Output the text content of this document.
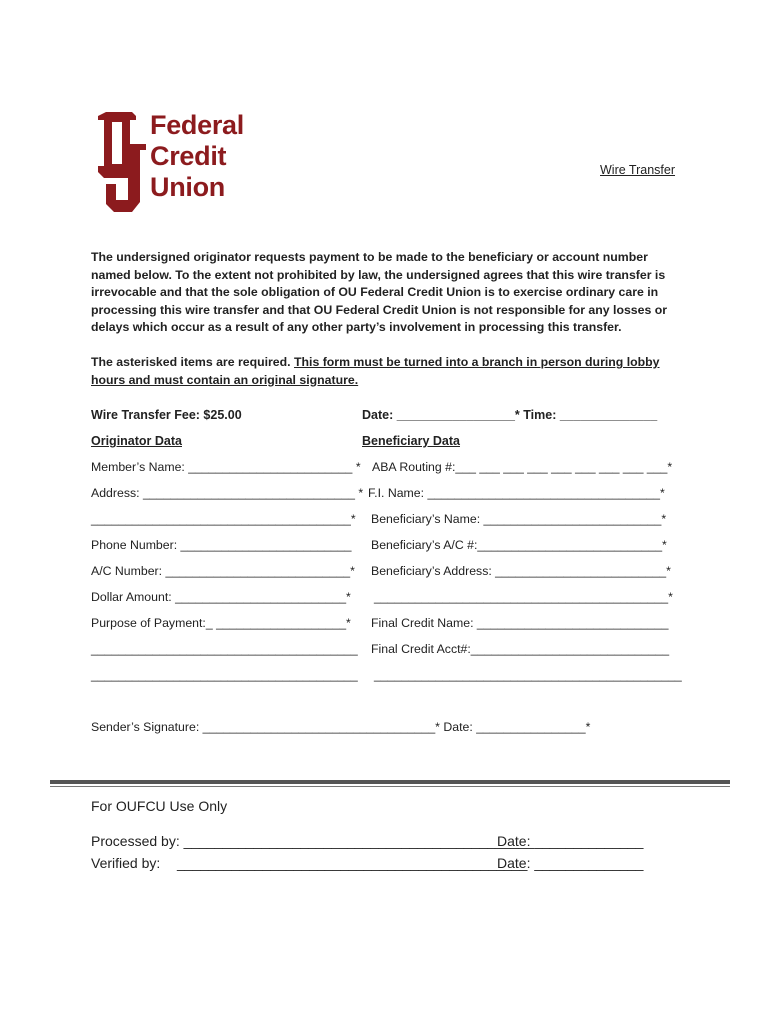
Federal
Credit
Union
Wire Transfer
The undersigned originator requests payment to be made to the beneficiary or account number named below. To the extent not prohibited by law, the undersigned agrees that this wire transfer is irrevocable and that the sole obligation of OU Federal Credit Union is to exercise ordinary care in processing this wire transfer and that OU Federal Credit Union is not responsible for any losses or delays which occur as a result of any other party’s involvement in processing this transfer.
The asterisked items are required. This form must be turned into a branch in person during lobby hours and must contain an original signature.
Wire Transfer Fee: $25.00	Date: _________________* Time: ______________
Originator Data	Beneficiary Data
Member’s Name: ________________________ *
Address: _______________________________ *
______________________________________*
Phone Number: _________________________
A/C Number: ___________________________*
Dollar Amount: _________________________*
Purpose of Payment:_ ___________________*
_______________________________________
_______________________________________
ABA Routing #:___ ___ ___ ___ ___ ___ ___ ___ ___*
F.I. Name: __________________________________*
Beneficiary’s Name: __________________________*
Beneficiary’s A/C #:___________________________*
Beneficiary’s Address: _________________________*
___________________________________________*
Final Credit Name: ____________________________
Final Credit Acct#:_____________________________
_____________________________________________
Sender’s Signature: __________________________________* Date: ________________*
For OUFCU Use Only
Processed by: _____________________________________________
Date: ______________
Verified by: _____________________________________________
Date: ______________
